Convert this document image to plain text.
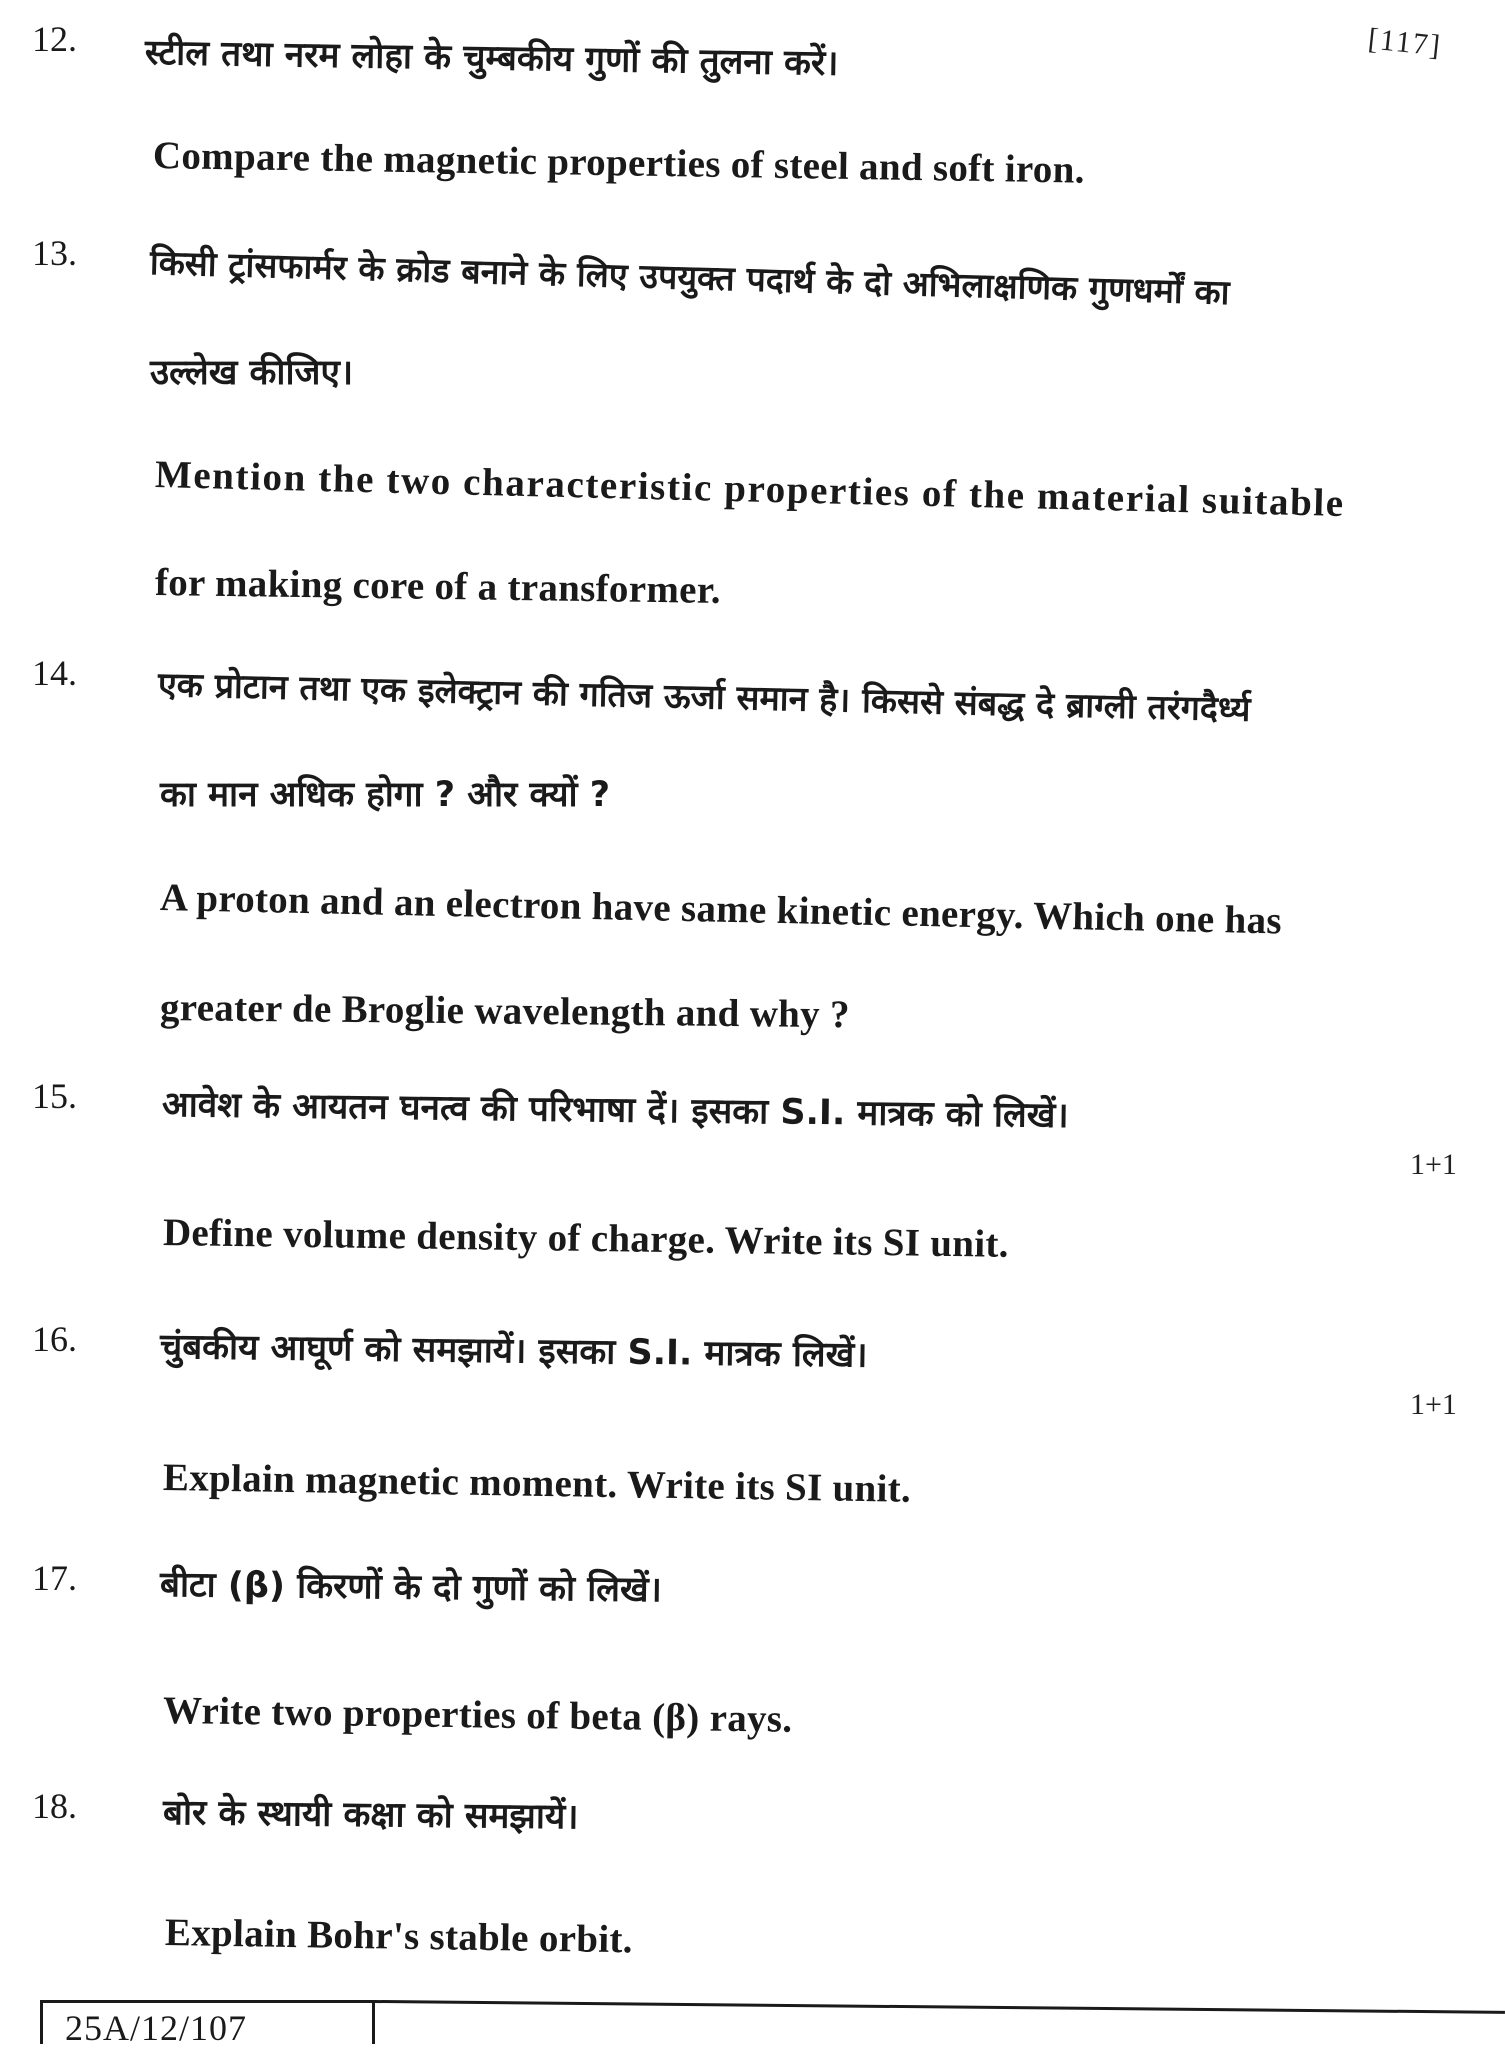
[117]
12. स्टील तथा नरम लोहा के चुम्बकीय गुणों की तुलना करें।
Compare the magnetic properties of steel and soft iron.
13. किसी ट्रांसफार्मर के क्रोड बनाने के लिए उपयुक्त पदार्थ के दो अभिलाक्षणिक गुणधर्मों का
उल्लेख कीजिए।
Mention the two characteristic properties of the material suitable
for making core of a transformer.
14. एक प्रोटान तथा एक इलेक्ट्रान की गतिज ऊर्जा समान है। किससे संबद्ध दे ब्राग्ली तरंगदैर्ध्य
का मान अधिक होगा ? और क्यों ?
A proton and an electron have same kinetic energy. Which one has
greater de Broglie wavelength and why ?
15. आवेश के आयतन घनत्व की परिभाषा दें। इसका S.I. मात्रक को लिखें।
1+1
Define volume density of charge. Write its SI unit.
16. चुंबकीय आघूर्ण को समझायें। इसका S.I. मात्रक लिखें।
1+1
Explain magnetic moment. Write its SI unit.
17. बीटा (β) किरणों के दो गुणों को लिखें।
Write two properties of beta (β) rays.
18. बोर के स्थायी कक्षा को समझायें।
Explain Bohr's stable orbit.
25A/12/107
